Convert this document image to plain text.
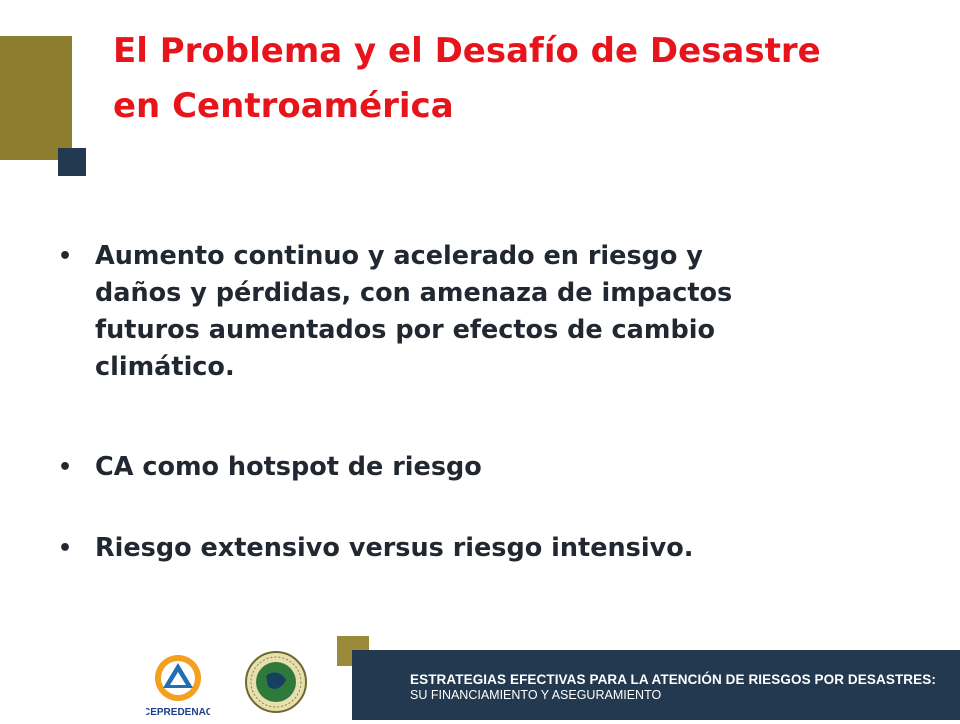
El Problema y el Desafío de Desastre
en Centroamérica
• Aumento continuo y acelerado en riesgo y
daños y pérdidas, con amenaza de impactos
futuros aumentados por efectos de cambio
climático.
• CA como hotspot de riesgo
• Riesgo extensivo versus riesgo intensivo.
CEPREDENAC
ESTRATEGIAS EFECTIVAS PARA LA ATENCIÓN DE RIESGOS POR DESASTRES:
SU FINANCIAMIENTO Y ASEGURAMIENTO
